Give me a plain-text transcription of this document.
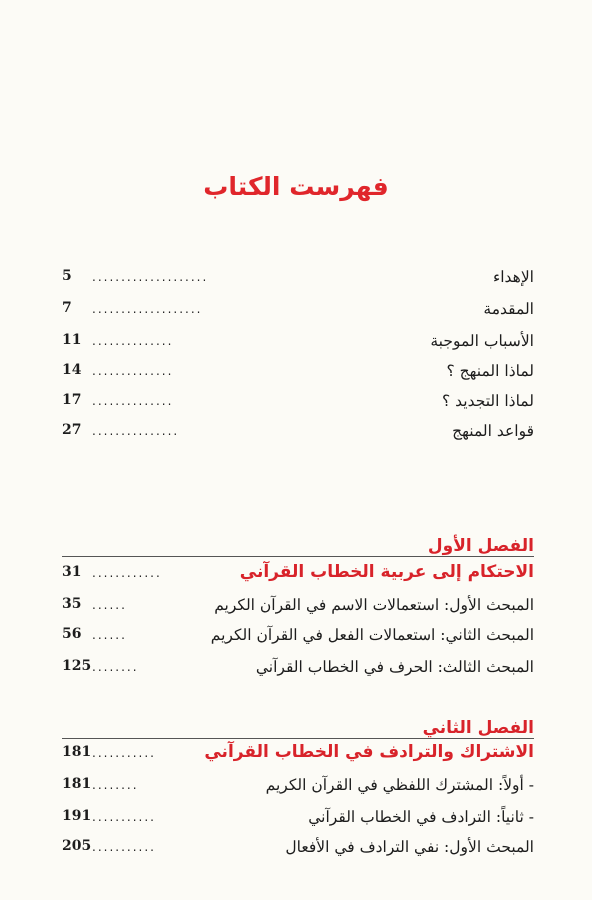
فهرست الكتاب
الإهداء
....................
5
المقدمة
...................
7
الأسباب الموجبة
..............
11
لماذا المنهج ؟
..............
14
لماذا التجديد ؟
..............
17
قواعد المنهج
...............
27
الفصل الأول
الاحتكام إلى عربية الخطاب القرآني
............
31
المبحث الأول: استعمالات الاسم في القرآن الكريم
......
35
المبحث الثاني: استعمالات الفعل في القرآن الكريم
......
56
المبحث الثالث: الحرف في الخطاب القرآني
........
125
الفصل الثاني
الاشتراك والترادف في الخطاب القرآني
...........
181
- أولاً: المشترك اللفظي في القرآن الكريم
........
181
- ثانياً: الترادف في الخطاب القرآني
...........
191
المبحث الأول: نفي الترادف في الأفعال
...........
205
